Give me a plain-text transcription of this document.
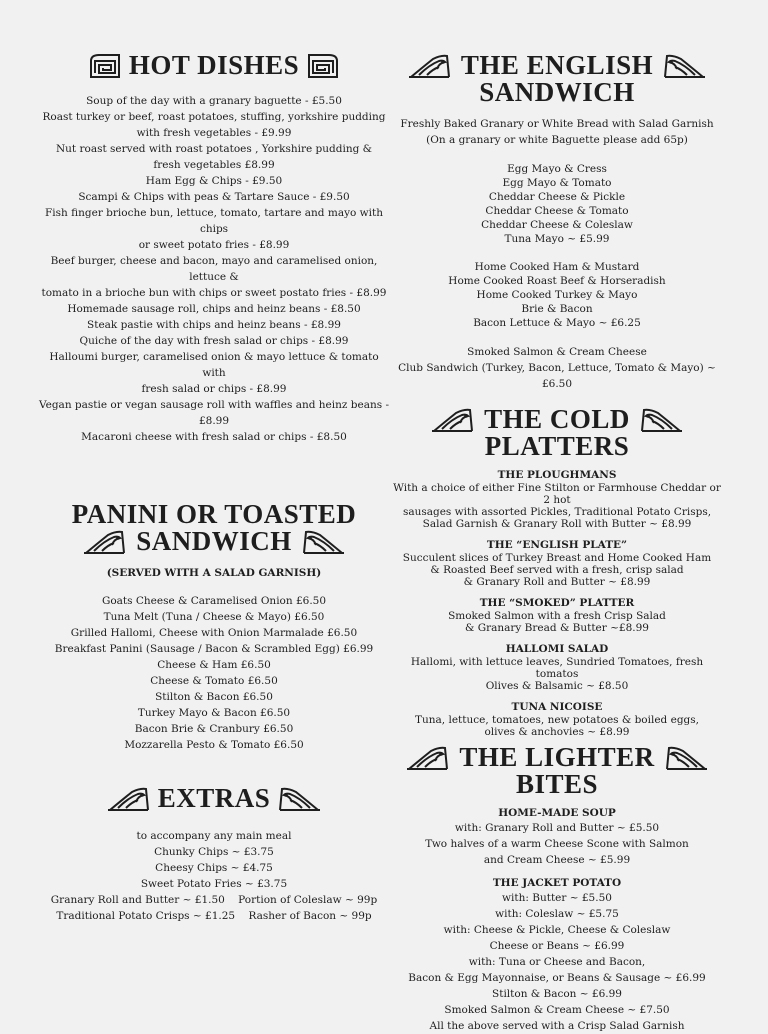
HOT DISHES
Soup of the day with a granary baguette - £5.50
Roast turkey or beef, roast potatoes, stuffing, yorkshire pudding
with fresh vegetables - £9.99
Nut roast served with roast potatoes , Yorkshire pudding &
fresh vegetables £8.99
Ham Egg & Chips - £9.50
Scampi & Chips with peas & Tartare Sauce - £9.50
Fish finger brioche bun, lettuce, tomato, tartare and mayo with chips
or sweet potato fries - £8.99
Beef burger, cheese and bacon, mayo and caramelised onion, lettuce &
tomato in a brioche bun with chips or sweet postato fries - £8.99
Homemade sausage roll, chips and heinz beans - £8.50
Steak pastie with chips and heinz beans - £8.99
Quiche of the day with fresh salad or chips - £8.99
Halloumi burger, caramelised onion & mayo lettuce & tomato with
fresh salad or chips - £8.99
Vegan pastie or vegan sausage roll with waffles and heinz beans - £8.99
Macaroni cheese with fresh salad or chips - £8.50
PANINI OR TOASTED
SANDWICH
(SERVED WITH A SALAD GARNISH)
Goats Cheese & Caramelised Onion £6.50
Tuna Melt (Tuna / Cheese & Mayo) £6.50
Grilled Hallomi, Cheese with Onion Marmalade £6.50
Breakfast Panini (Sausage / Bacon & Scrambled Egg) £6.99
Cheese & Ham £6.50
Cheese & Tomato £6.50
Stilton & Bacon £6.50
Turkey Mayo & Bacon £6.50
Bacon Brie & Cranbury £6.50
Mozzarella Pesto & Tomato £6.50
EXTRAS
to accompany any main meal
Chunky Chips ~ £3.75
Cheesy Chips ~ £4.75
Sweet Potato Fries ~ £3.75
Granary Roll and Butter ~ £1.50    Portion of Coleslaw ~ 99p
Traditional Potato Crisps ~ £1.25    Rasher of Bacon ~ 99p
THE ENGLISH
SANDWICH
Freshly Baked Granary or White Bread with Salad Garnish
(On a granary or white Baguette please add 65p)
Egg Mayo & Cress
Egg Mayo & Tomato
Cheddar Cheese & Pickle
Cheddar Cheese & Tomato
Cheddar Cheese & Coleslaw
Tuna Mayo ~ £5.99
Home Cooked Ham & Mustard
Home Cooked Roast Beef & Horseradish
Home Cooked Turkey & Mayo
Brie & Bacon
Bacon Lettuce & Mayo ~ £6.25
Smoked Salmon & Cream Cheese
Club Sandwich (Turkey, Bacon, Lettuce, Tomato & Mayo) ~ £6.50
THE COLD
PLATTERS
THE PLOUGHMANS
With a choice of either Fine Stilton or Farmhouse Cheddar or 2 hot
sausages with assorted Pickles, Traditional Potato Crisps,
Salad Garnish & Granary Roll with Butter ~ £8.99
THE “ENGLISH PLATE”
Succulent slices of Turkey Breast and Home Cooked Ham
& Roasted Beef served with a fresh, crisp salad
& Granary Roll and Butter ~ £8.99
THE “SMOKED” PLATTER
Smoked Salmon with a fresh Crisp Salad
& Granary Bread & Butter ~£8.99
HALLOMI SALAD
Hallomi, with lettuce leaves, Sundried Tomatoes, fresh tomatos
Olives & Balsamic ~ £8.50
TUNA NICOISE
Tuna, lettuce, tomatoes, new potatoes & boiled eggs,
olives & anchovies ~ £8.99
THE LIGHTER
BITES
HOME-MADE SOUP
with: Granary Roll and Butter ~ £5.50
Two halves of a warm Cheese Scone with Salmon
and Cream Cheese ~ £5.99
THE JACKET POTATO
with: Butter ~ £5.50
with: Coleslaw ~ £5.75
with: Cheese & Pickle, Cheese & Coleslaw
Cheese or Beans ~ £6.99
with: Tuna or Cheese and Bacon,
Bacon & Egg Mayonnaise, or Beans & Sausage ~ £6.99
Stilton & Bacon ~ £6.99
Smoked Salmon & Cream Cheese ~ £7.50
All the above served with a Crisp Salad Garnish
